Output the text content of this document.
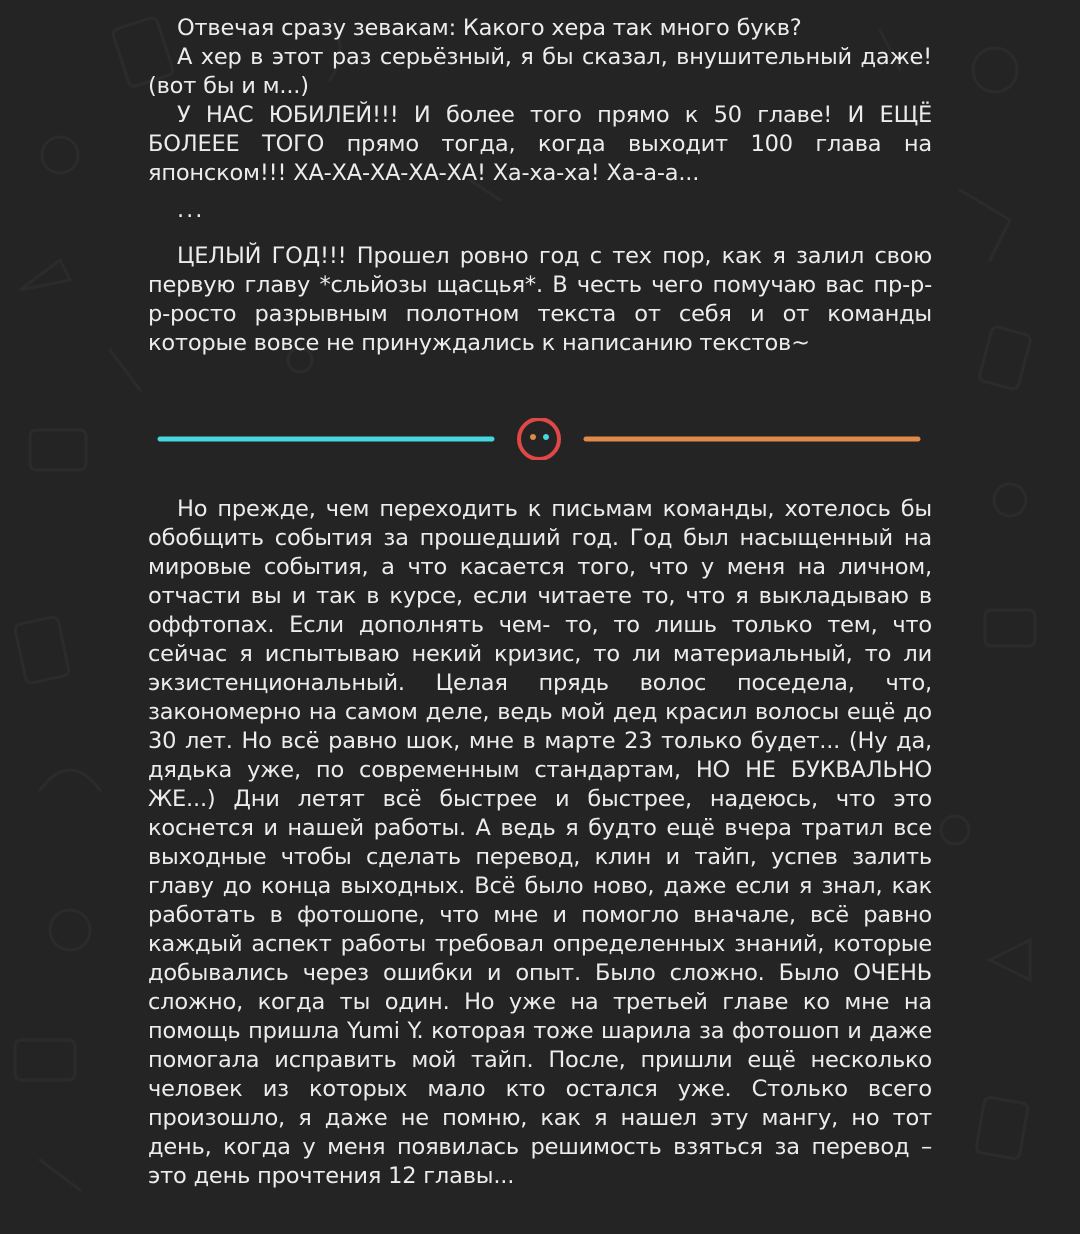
Отвечая сразу зевакам: Какого хера так много букв?

А хер в этот раз серьёзный, я бы сказал, внушительный даже! (вот бы и м...)

У НАС ЮБИЛЕЙ!!! И более того прямо к 50 главе! И ЕЩЁ БОЛЕЕЕ ТОГО прямо тогда, когда выходит 100 глава на японском!!! ХА-ХА-ХА-ХА-ХА! Ха-ха-ха! Ха-а-а...

...

ЦЕЛЫЙ ГОД!!! Прошел ровно год с тех пор, как я залил свою первую главу *сльйозы щасцья*. В честь чего помучаю вас пр-р-р-росто разрывным полотном текста от себя и от команды которые вовсе не принуждались к написанию текстов~

Но прежде, чем переходить к письмам команды, хотелось бы обобщить события за прошедший год. Год был насыщенный на мировые события, а что касается того, что у меня на личном, отчасти вы и так в курсе, если читаете то, что я выкладываю в оффтопах. Если дополнять чем- то, то лишь только тем, что сейчас я испытываю некий кризис, то ли материальный, то ли экзистенциональный. Целая прядь волос поседела, что, закономерно на самом деле, ведь мой дед красил волосы ещё до 30 лет. Но всё равно шок, мне в марте 23 только будет... (Ну да, дядька уже, по современным стандартам, НО НЕ БУКВАЛЬНО ЖЕ...) Дни летят всё быстрее и быстрее, надеюсь, что это коснется и нашей работы. А ведь я будто ещё вчера тратил все выходные чтобы сделать перевод, клин и тайп, успев залить главу до конца выходных. Всё было ново, даже если я знал, как работать в фотошопе, что мне и помогло вначале, всё равно каждый аспект работы требовал определенных знаний, которые добывались через ошибки и опыт. Было сложно. Было ОЧЕНЬ сложно, когда ты один. Но уже на третьей главе ко мне на помощь пришла Yumi Y. которая тоже шарила за фотошоп и даже помогала исправить мой тайп. После, пришли ещё несколько человек из которых мало кто остался уже. Столько всего произошло, я даже не помню, как я нашел эту мангу, но тот день, когда у меня появилась решимость взяться за перевод – это день прочтения 12 главы...
